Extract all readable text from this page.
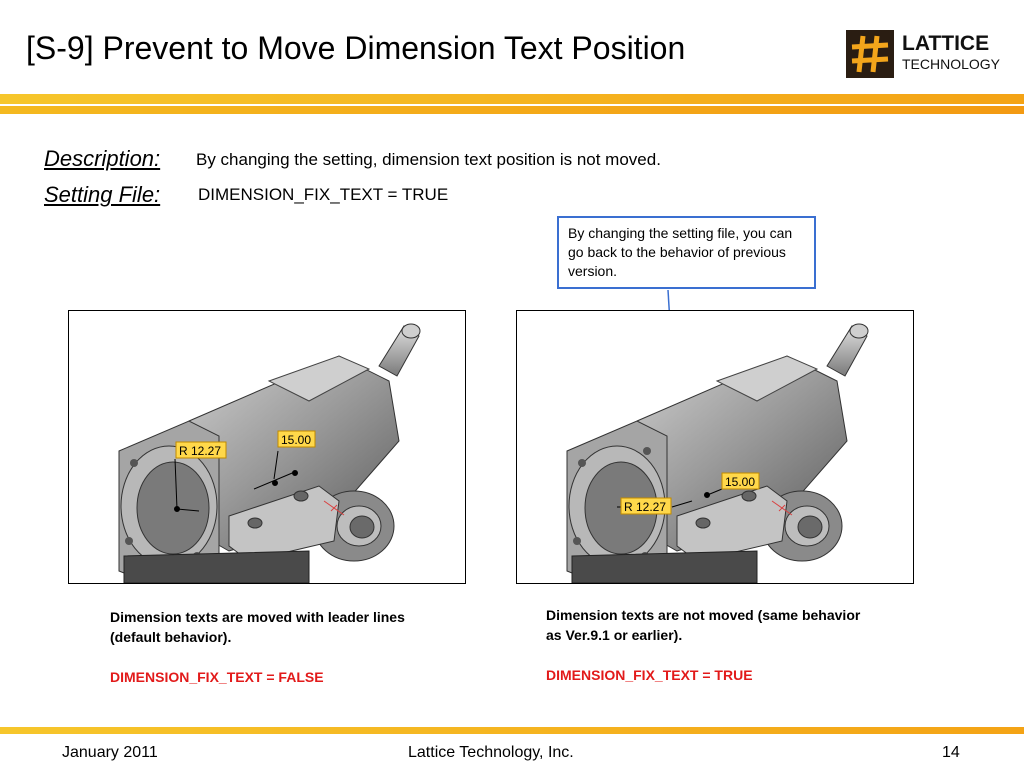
[S-9] Prevent to Move Dimension Text Position	LATTICE
TECHNOLOGY
Description: By changing the setting, dimension text position is not moved.
Setting File: DIMENSION_FIX_TEXT = TRUE
By changing the setting file, you can go back to the behavior of previous version.
R 12.27
15.00
R 12.27
15.00
Dimension texts are moved with leader lines (default behavior).
DIMENSION_FIX_TEXT = FALSE
Dimension texts are not moved (same behavior as Ver.9.1 or earlier).
DIMENSION_FIX_TEXT = TRUE
January 2011	Lattice Technology, Inc.	14
